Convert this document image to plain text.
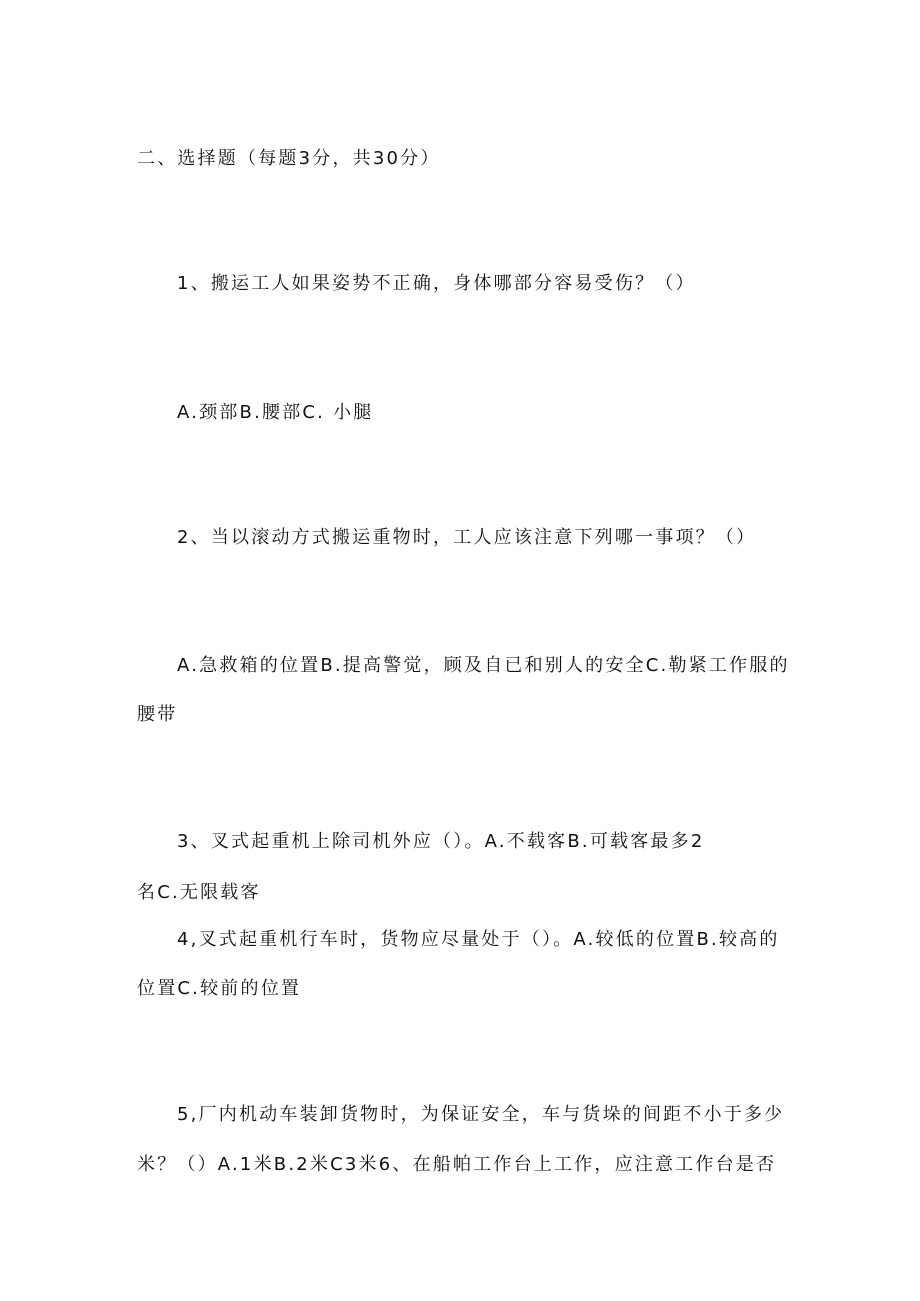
二、选择题（每题3分，共30分）
1、搬运工人如果姿势不正确，身体哪部分容易受伤？（）
A.颈部B.腰部C. 小腿
2、当以滚动方式搬运重物时，工人应该注意下列哪一事项？（）
A.急救箱的位置B.提高警觉，顾及自已和别人的安全C.勒紧工作服的
腰带
3、叉式起重机上除司机外应（）。A.不载客B.可载客最多2
名C.无限载客
4,叉式起重机行车时，货物应尽量处于（）。A.较低的位置B.较高的
位置C.较前的位置
5,厂内机动车装卸货物时，为保证安全，车与货垛的间距不小于多少
米？（）A.1米B.2米C3米6、在船帕工作台上工作，应注意工作台是否
